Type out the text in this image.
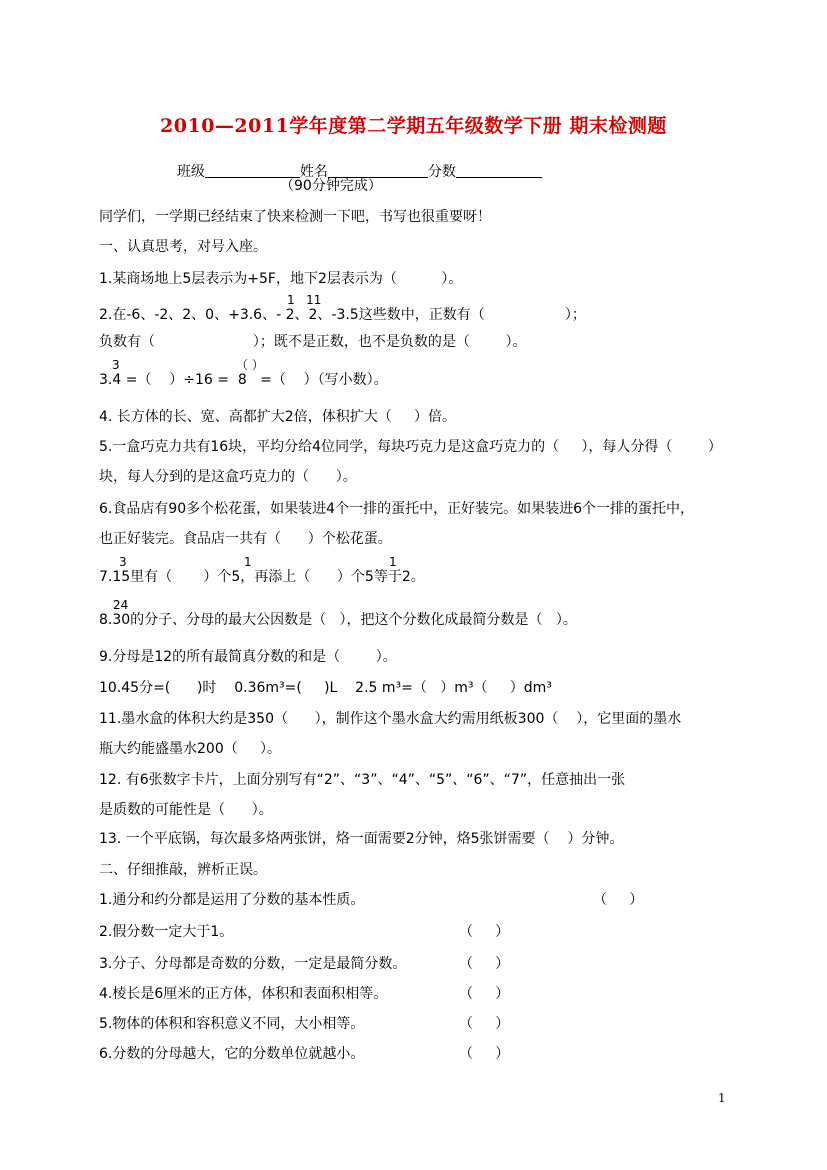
2010—2011学年度第二学期五年级数学下册 期末检测题

班级	姓名	分数

（90分钟完成）
同学们，一学期已经结束了快来检测一下吧，书写也很重要呀！
一、认真思考，对号入座。
1.某商场地上5层表示为+5F，地下2层表示为（          ）。
1   11
2.在-6、-2、2、0、+3.6、- 2、2、-3.5这些数中，正数有（                  ）；
负数有（                      ）；既不是正数，也不是负数的是（        ）。
3	（ ）
3.4 =（    ）÷16 =  8   =（    ）（写小数）。
4. 长方体的长、宽、高都扩大2倍，体积扩大（     ）倍。
5.一盒巧克力共有16块，平均分给4位同学，每块巧克力是这盒巧克力的（     ），每人分得（        ）
块，每人分到的是这盒巧克力的（      ）。
6.食品店有90多个松花蛋，如果装进4个一排的蛋托中，正好装完。如果装进6个一排的蛋托中，
也正好装完。食品店一共有（      ）个松花蛋。
3	1	1
7.15里有（       ）个5，再添上（      ）个5等于2。
24
8.30的分子、分母的最大公因数是（   ），把这个分数化成最简分数是（   ）。
9.分母是12的所有最简真分数的和是（        ）。
10.45分=(      )时    0.36m³=(     )L    2.5 m³=（   ）m³（     ）dm³
11.墨水盒的体积大约是350（      ），制作这个墨水盒大约需用纸板300（    ），它里面的墨水
瓶大约能盛墨水200（     ）。
12. 有6张数字卡片，上面分别写有“2”、“3”、“4”、“5”、“6”、“7”，任意抽出一张
是质数的可能性是（      ）。
13. 一个平底锅，每次最多烙两张饼，烙一面需要2分钟，烙5张饼需要（    ）分钟。
二、仔细推敲，辨析正误。
1.通分和约分都是运用了分数的基本性质。	（     ）
2.假分数一定大于1。	（     ）
3.分子、分母都是奇数的分数，一定是最简分数。	（     ）
4.棱长是6厘米的正方体，体积和表面积相等。	（     ）
5.物体的体积和容积意义不同，大小相等。	（     ）
6.分数的分母越大，它的分数单位就越小。	（     ）
1
